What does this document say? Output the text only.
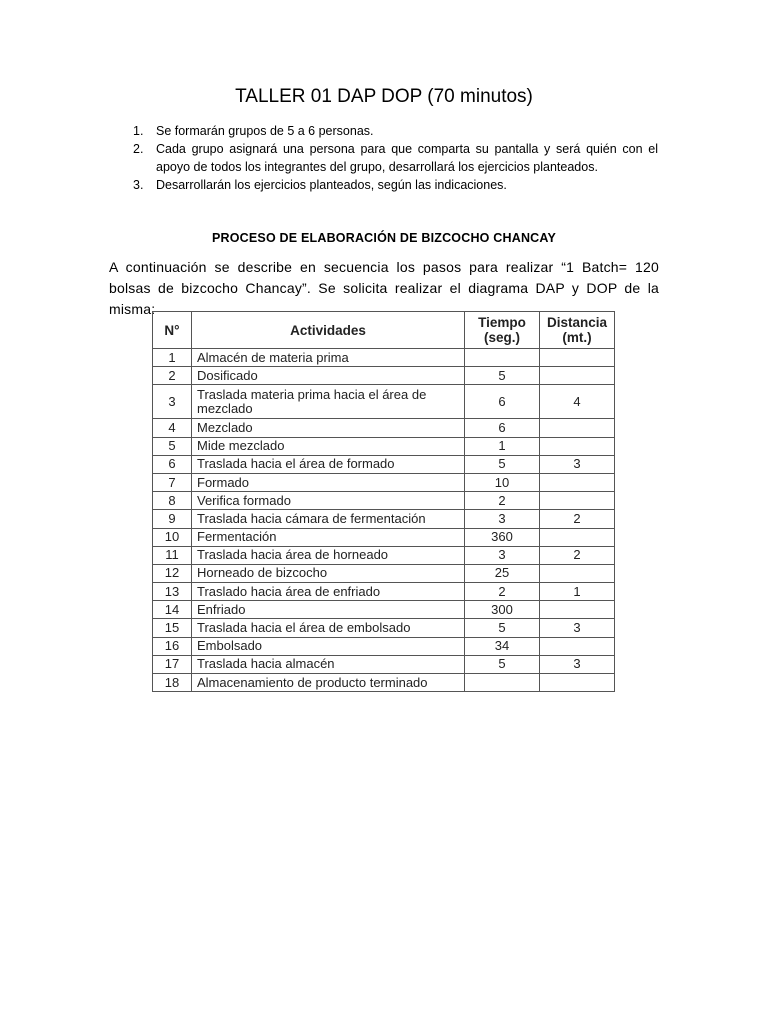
TALLER 01 DAP DOP (70 minutos)
1. Se formarán grupos de 5 a 6 personas.
2. Cada grupo asignará una persona para que comparta su pantalla y será quién con el apoyo de todos los integrantes del grupo, desarrollará los ejercicios planteados.
3. Desarrollarán los ejercicios planteados, según las indicaciones.
PROCESO DE ELABORACIÓN DE BIZCOCHO CHANCAY
A continuación se describe en secuencia los pasos para realizar “1 Batch= 120 bolsas de bizcocho Chancay”. Se solicita realizar el diagrama DAP y DOP de la misma:
N°	Actividades	Tiempo (seg.)	Distancia (mt.)
1	Almacén de materia prima		
2	Dosificado	5	
3	Traslada materia prima hacia el área de mezclado	6	4
4	Mezclado	6	
5	Mide mezclado	1	
6	Traslada hacia el área de formado	5	3
7	Formado	10	
8	Verifica formado	2	
9	Traslada hacia cámara de fermentación	3	2
10	Fermentación	360	
11	Traslada hacia área de horneado	3	2
12	Horneado de bizcocho	25	
13	Traslado hacia área de enfriado	2	1
14	Enfriado	300	
15	Traslada hacia el área de embolsado	5	3
16	Embolsado	34	
17	Traslada hacia almacén	5	3
18	Almacenamiento de producto terminado		
